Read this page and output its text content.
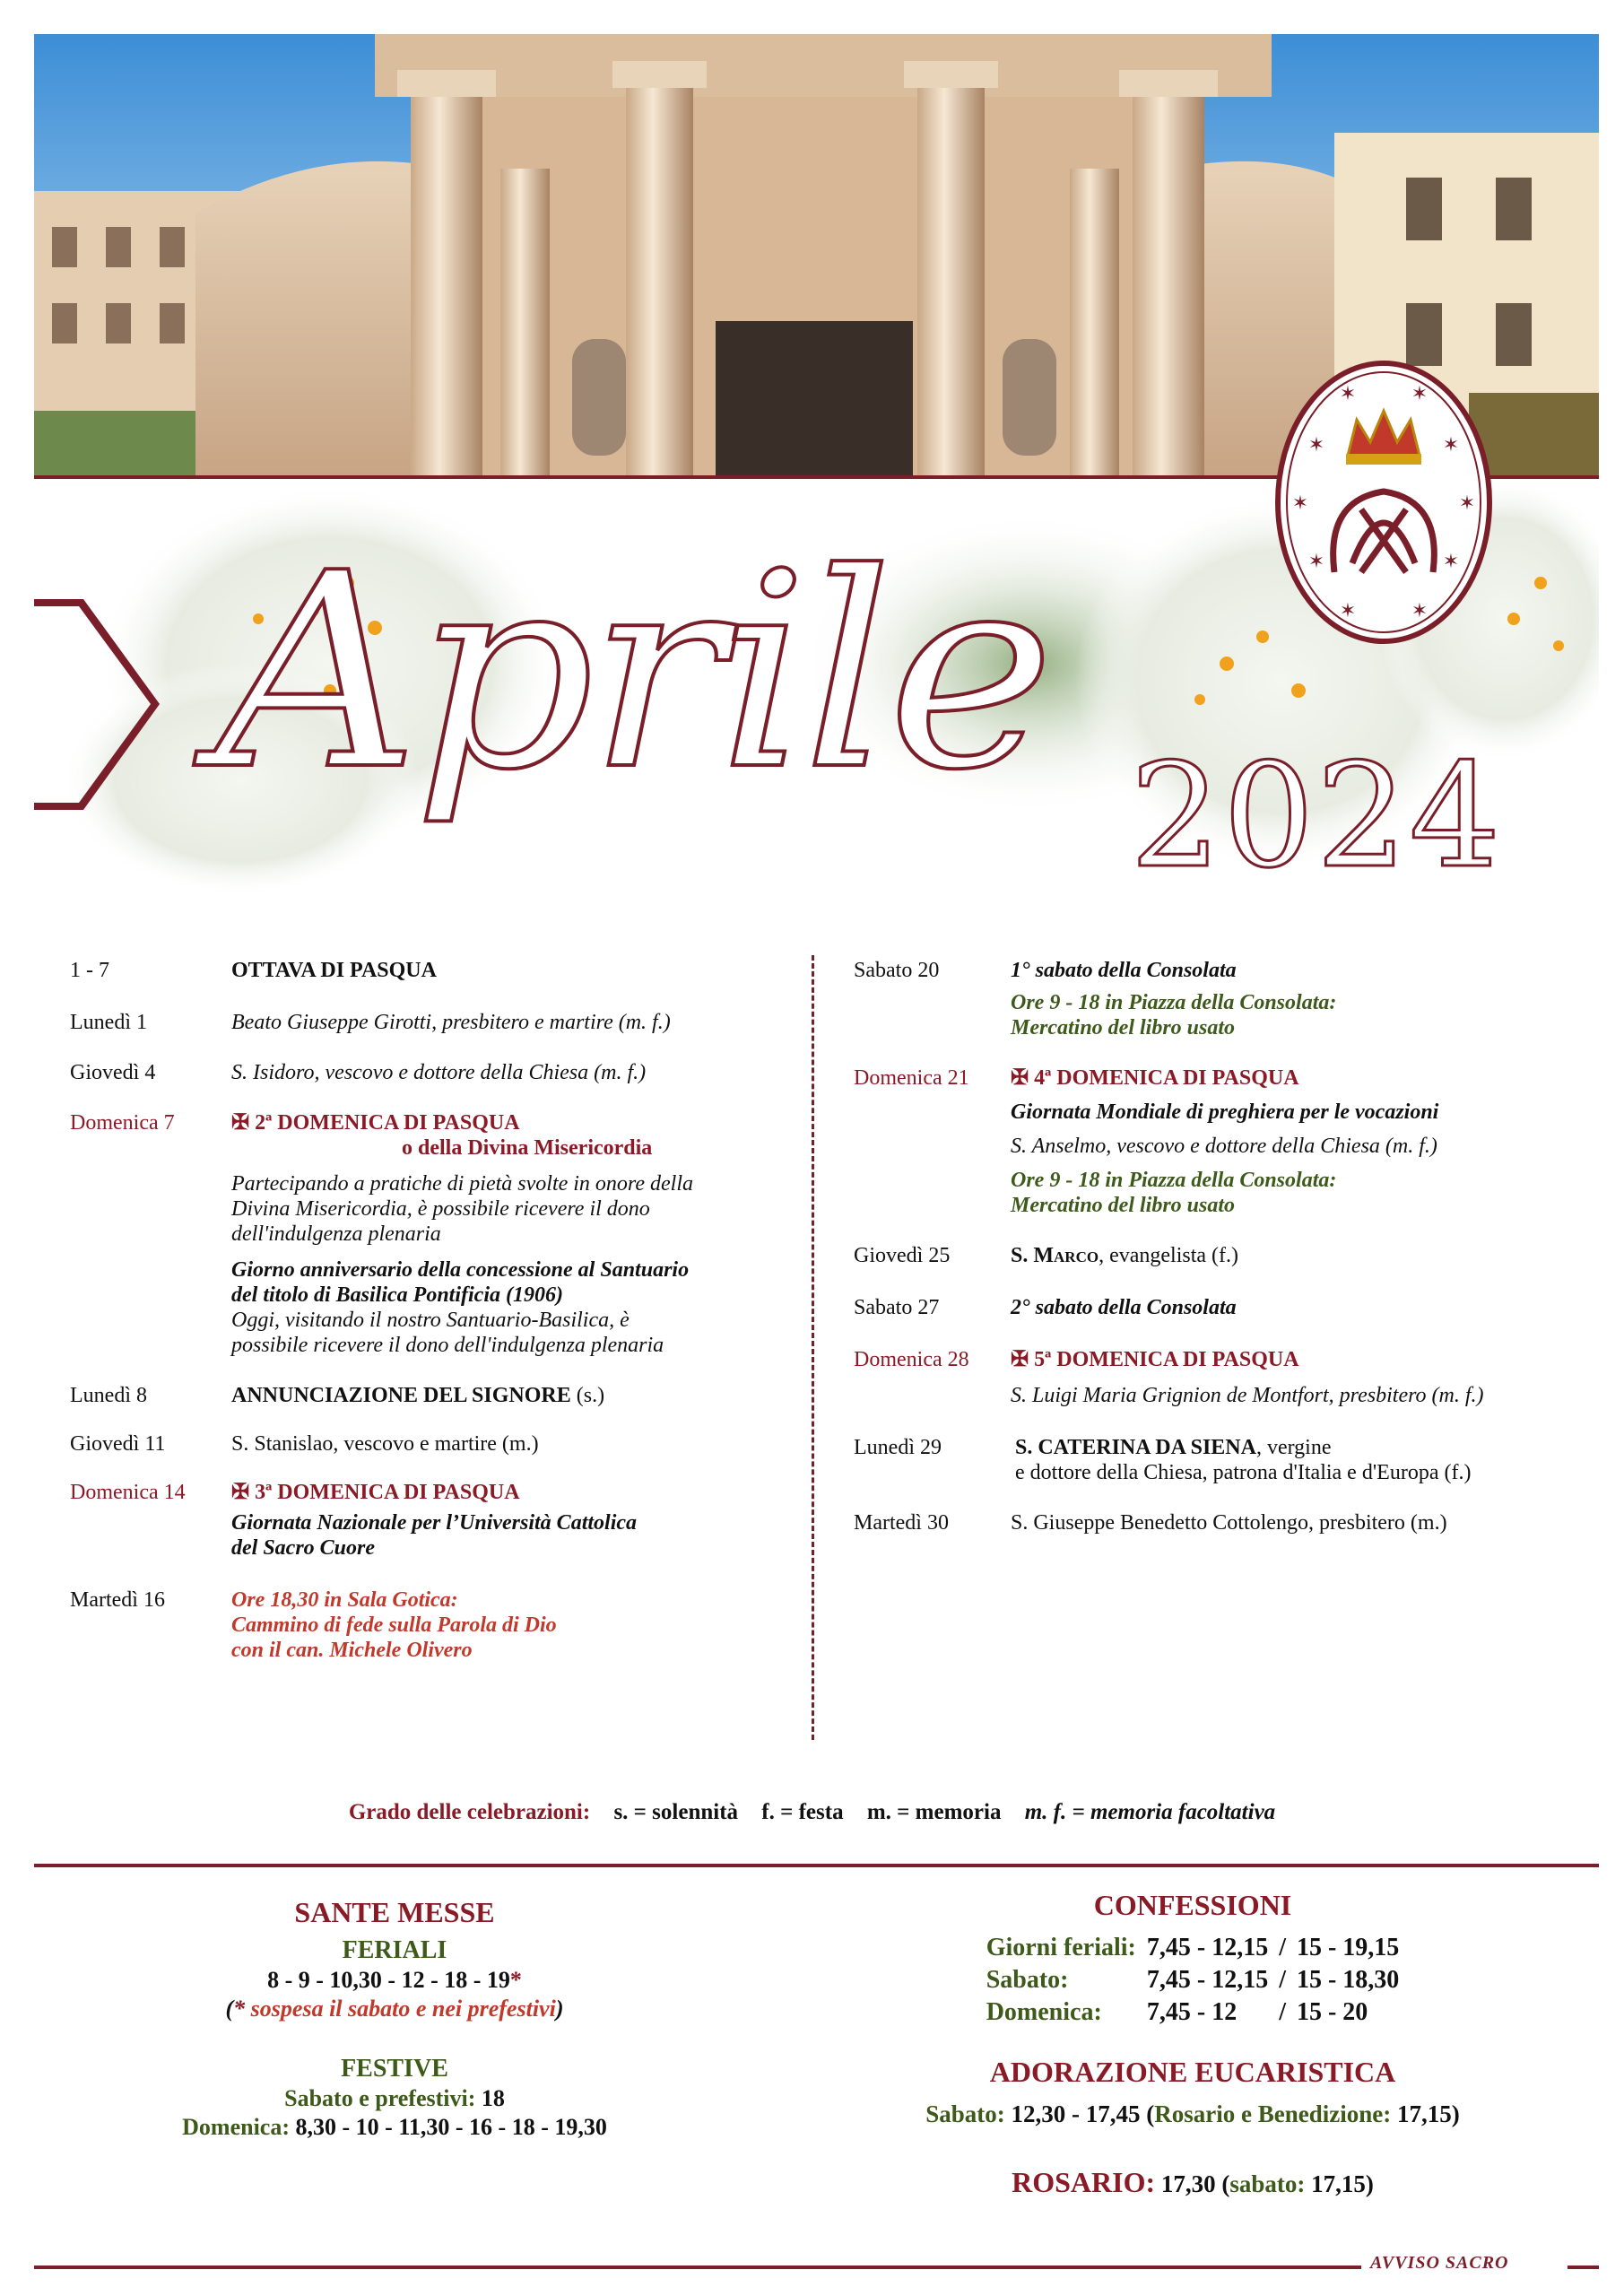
Aprile 2024
✶	✶
✶	✶
✶	✶
✶	✶
✶	✶
1 - 7	OTTAVA DI PASQUA
Lunedì 1	Beato Giuseppe Girotti, presbitero e martire (m. f.)
Giovedì 4	S. Isidoro, vescovo e dottore della Chiesa (m. f.)
Domenica 7	✠ 2ª DOMENICA DI PASQUA
o della Divina Misericordia
Partecipando a pratiche di pietà svolte in onore della
Divina Misericordia, è possibile ricevere il dono
dell'indulgenza plenaria
Giorno anniversario della concessione al Santuario
del titolo di Basilica Pontificia (1906)
Oggi, visitando il nostro Santuario-Basilica, è
possibile ricevere il dono dell'indulgenza plenaria
Lunedì 8	ANNUNCIAZIONE DEL SIGNORE (s.)
Giovedì 11	S. Stanislao, vescovo e martire (m.)
Domenica 14	✠ 3ª DOMENICA DI PASQUA
Giornata Nazionale per l’Università Cattolica
del Sacro Cuore
Martedì 16	Ore 18,30 in Sala Gotica:
Cammino di fede sulla Parola di Dio
con il can. Michele Olivero
Sabato 20	1° sabato della Consolata
Ore 9 - 18 in Piazza della Consolata:
Mercatino del libro usato
Domenica 21	✠ 4ª DOMENICA DI PASQUA
Giornata Mondiale di preghiera per le vocazioni
S. Anselmo, vescovo e dottore della Chiesa (m. f.)
Ore 9 - 18 in Piazza della Consolata:
Mercatino del libro usato
Giovedì 25	S. Marco, evangelista (f.)
Sabato 27	2° sabato della Consolata
Domenica 28	✠ 5ª DOMENICA DI PASQUA
S. Luigi Maria Grignion de Montfort, presbitero (m. f.)
Lunedì 29	S. CATERINA DA SIENA, vergine
e dottore della Chiesa, patrona d'Italia e d'Europa (f.)
Martedì 30	S. Giuseppe Benedetto Cottolengo, presbitero (m.)
Grado delle celebrazioni: s. = solennità f. = festa m. = memoria m. f. = memoria facoltativa
SANTE MESSE
FERIALI
8 - 9 - 10,30 - 12 - 18 - 19*
(* sospesa il sabato e nei prefestivi)
FESTIVE
Sabato e prefestivi: 18
Domenica: 8,30 - 10 - 11,30 - 16 - 18 - 19,30
CONFESSIONI
Giorni feriali:	7,45 - 12,15	/	15 - 19,15
Sabato:	7,45 - 12,15	/	15 - 18,30
Domenica:	7,45 - 12	/	15 - 20
ADORAZIONE EUCARISTICA
Sabato: 12,30 - 17,45 (Rosario e Benedizione: 17,15)
ROSARIO: 17,30 (sabato: 17,15)
AVVISO SACRO
